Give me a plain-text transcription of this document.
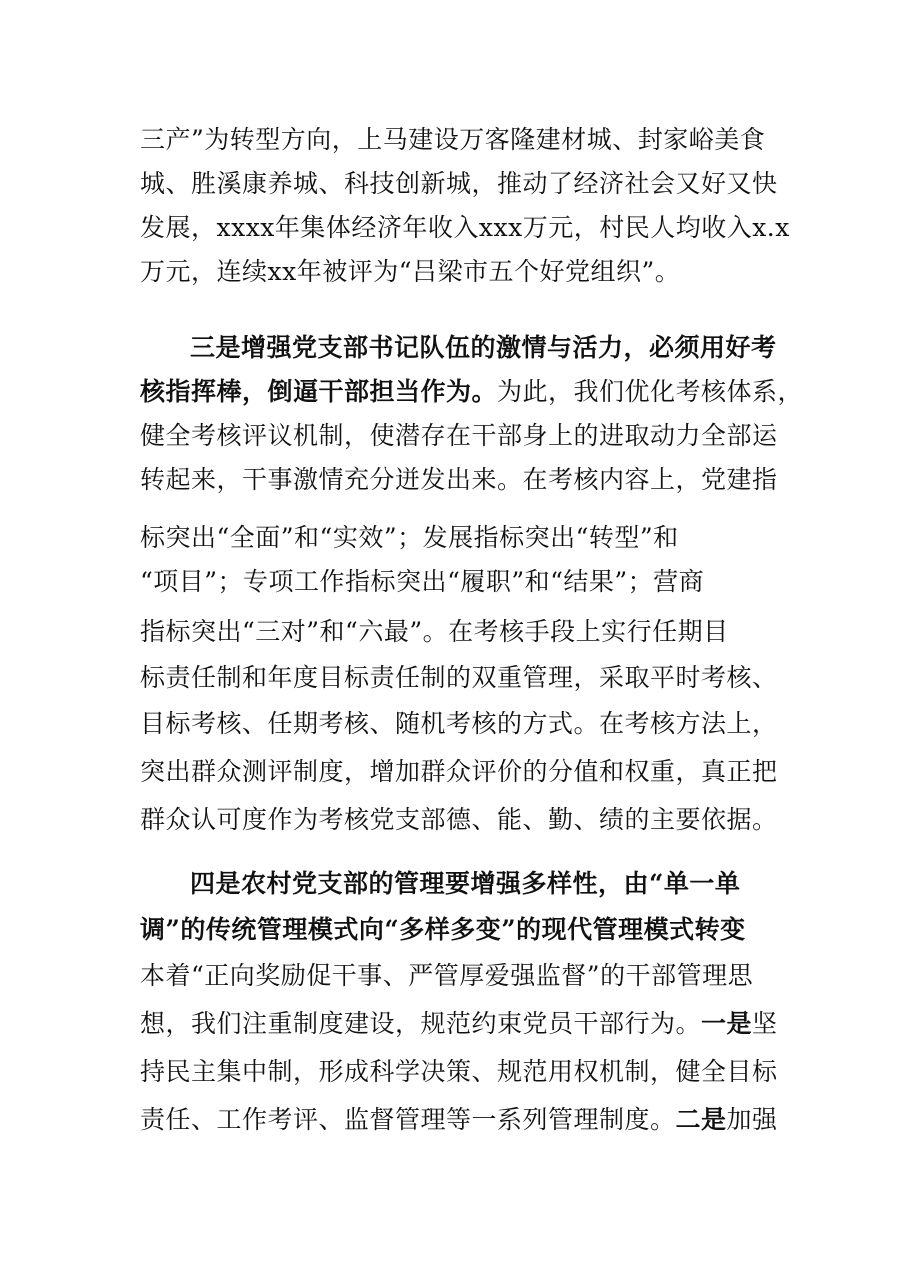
三产”为转型方向，上马建设万客隆建材城、封家峪美食
城、胜溪康养城、科技创新城，推动了经济社会又好又快
发展，xxxx年集体经济年收入xxx万元，村民人均收入x.x
万元，连续xx年被评为“吕梁市五个好党组织”。
三是增强党支部书记队伍的激情与活力，必须用好考
核指挥棒，倒逼干部担当作为。为此，我们优化考核体系，
健全考核评议机制，使潜存在干部身上的进取动力全部运
转起来，干事激情充分迸发出来。在考核内容上，党建指
标突出“全面”和“实效”；发展指标突出“转型”和
“项目”；专项工作指标突出“履职”和“结果”；营商
指标突出“三对”和“六最”。在考核手段上实行任期目
标责任制和年度目标责任制的双重管理，采取平时考核、
目标考核、任期考核、随机考核的方式。在考核方法上，
突出群众测评制度，增加群众评价的分值和权重，真正把
群众认可度作为考核党支部德、能、勤、绩的主要依据。
四是农村党支部的管理要增强多样性，由“单一单
调”的传统管理模式向“多样多变”的现代管理模式转变
本着“正向奖励促干事、严管厚爱强监督”的干部管理思
想，我们注重制度建设，规范约束党员干部行为。一是坚
持民主集中制，形成科学决策、规范用权机制，健全目标
责任、工作考评、监督管理等一系列管理制度。二是加强
